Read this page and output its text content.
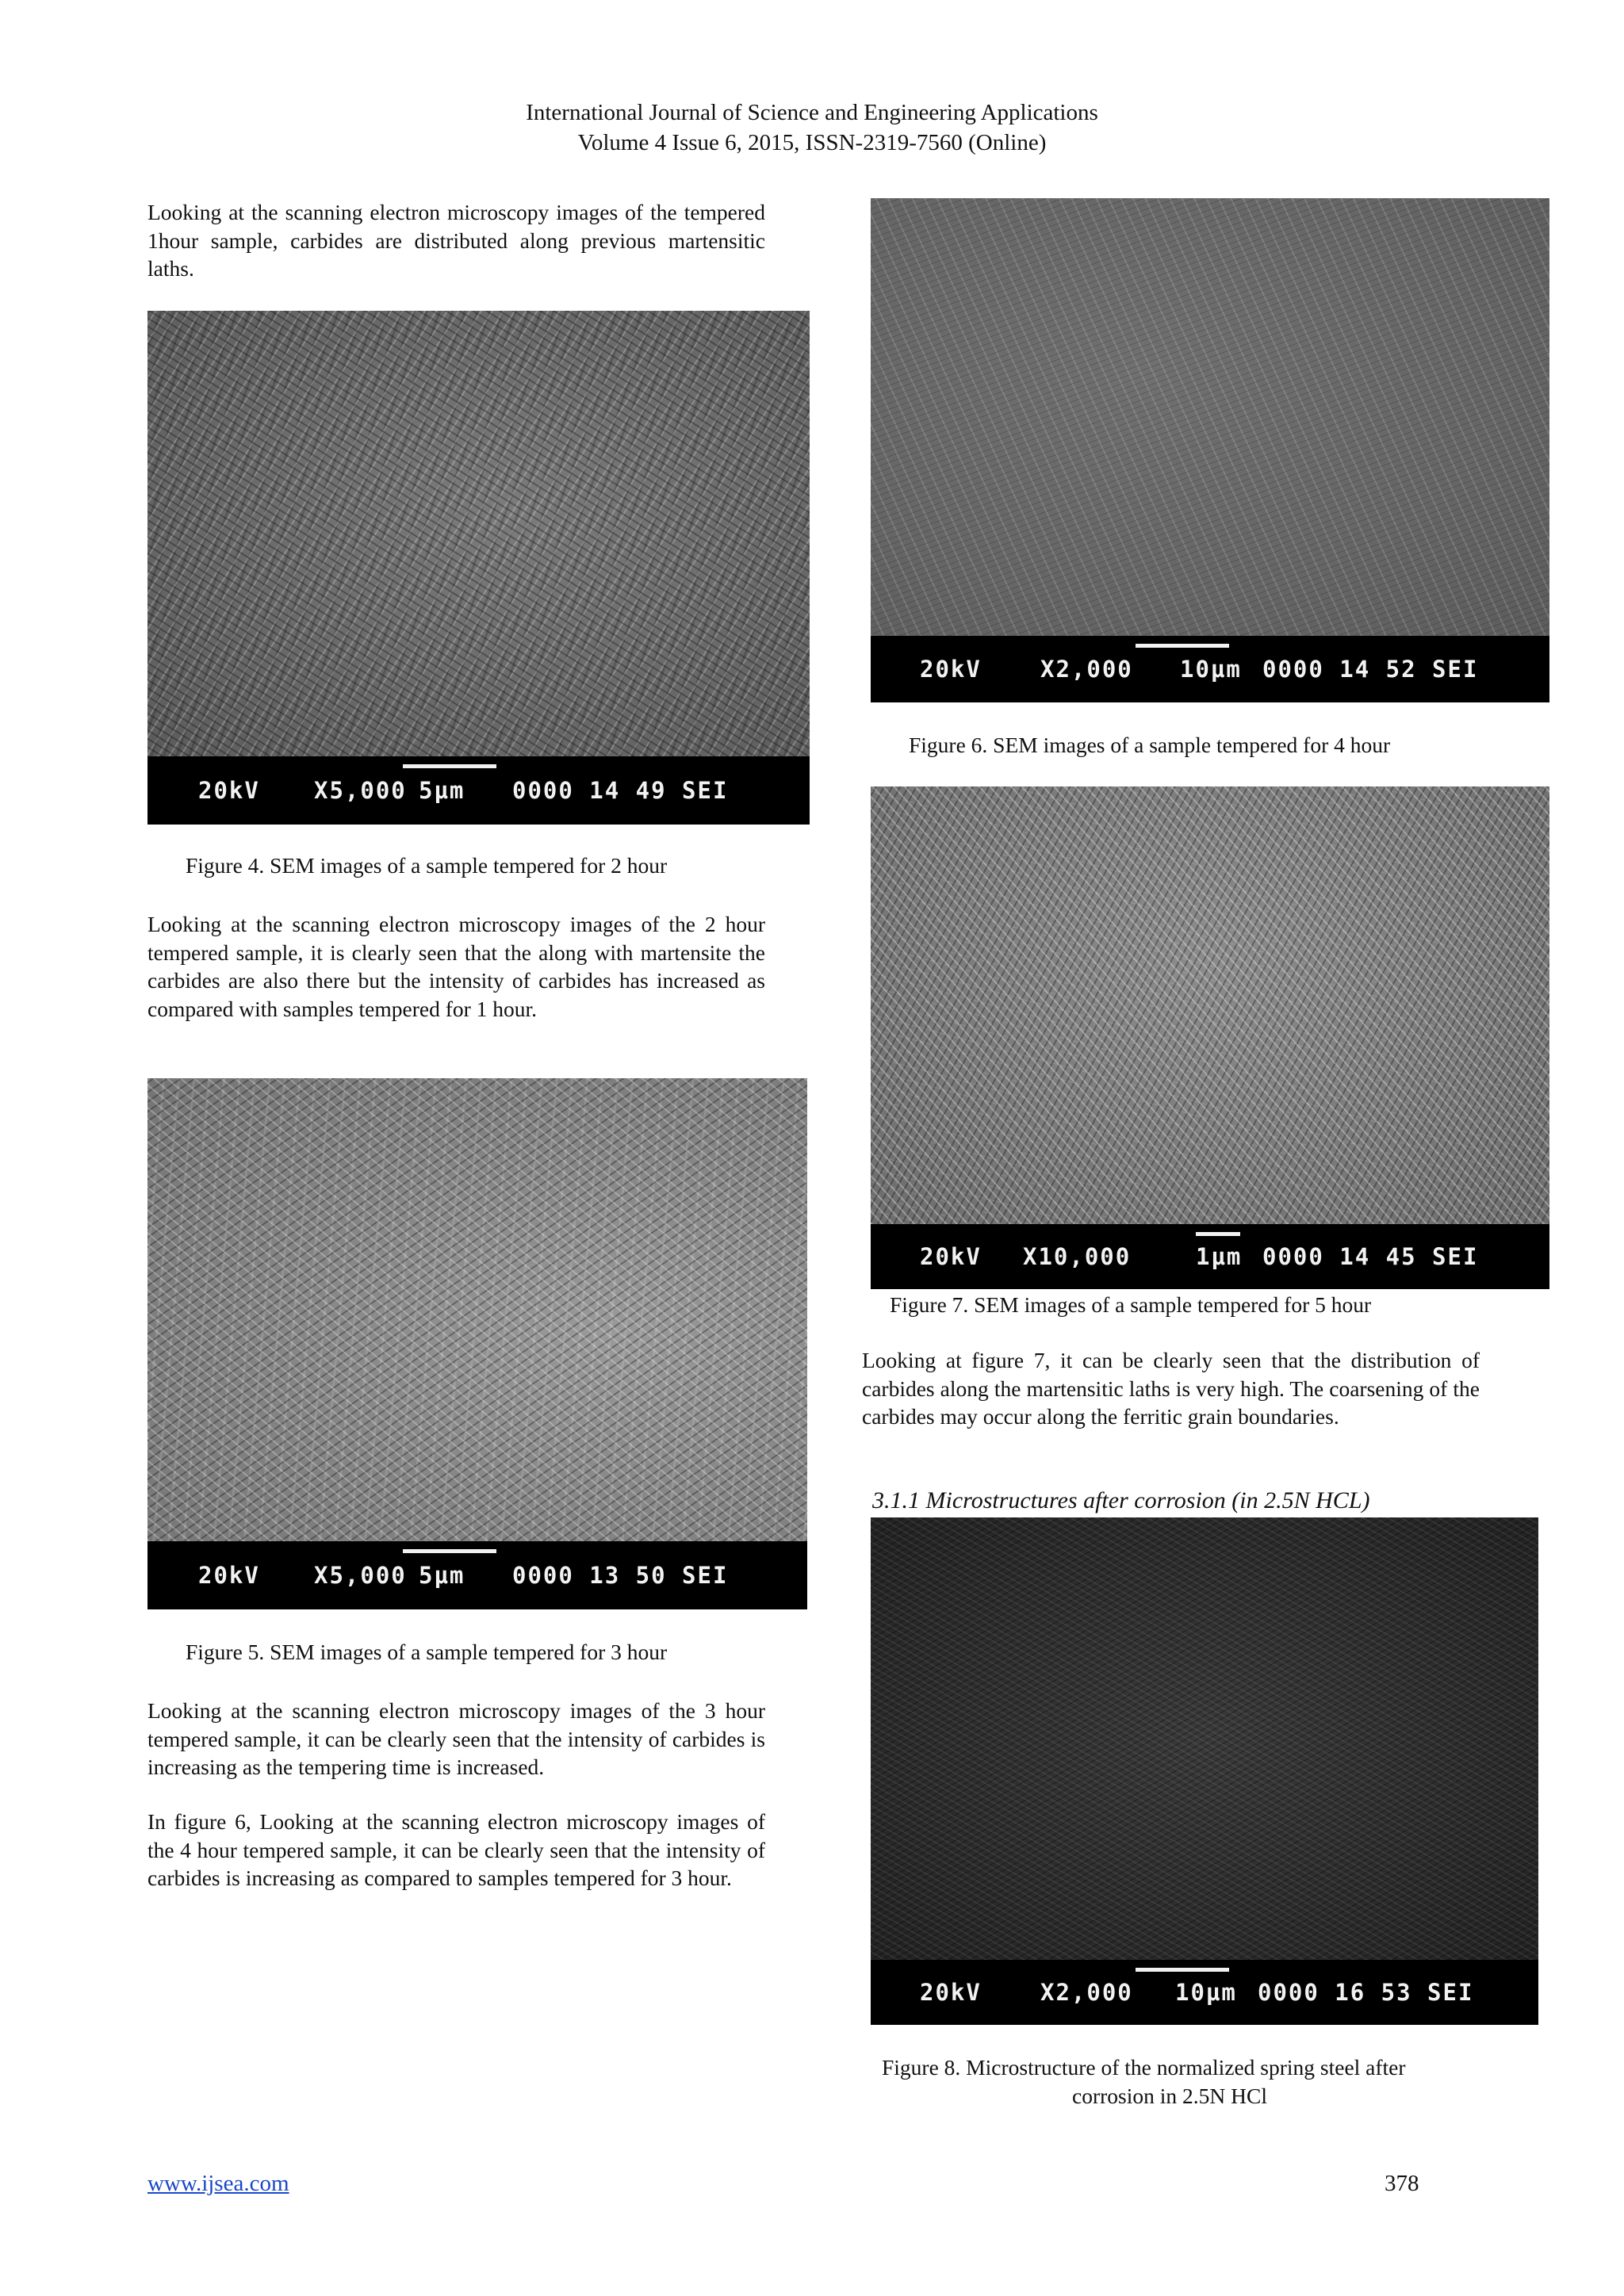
International Journal of Science and Engineering Applications
Volume 4 Issue 6, 2015, ISSN-2319-7560 (Online)

Looking at the scanning electron microscopy images of the tempered 1hour sample, carbides are distributed along previous martensitic laths.

20kV X5,000 5µm 0000 14 49 SEI
Figure 4. SEM images of a sample tempered for 2 hour

Looking at the scanning electron microscopy images of the 2 hour tempered sample, it is clearly seen that the along with martensite the carbides are also there but the intensity of carbides has increased as compared with samples tempered for 1 hour.

20kV X5,000 5µm 0000 13 50 SEI
Figure 5. SEM images of a sample tempered for 3 hour

Looking at the scanning electron microscopy images of the 3 hour tempered sample, it can be clearly seen that the intensity of carbides is increasing as the tempering time is increased.

In figure 6, Looking at the scanning electron microscopy images of the 4 hour tempered sample, it can be clearly seen that the intensity of carbides is increasing as compared to samples tempered for 3 hour.

20kV	X2,000 10µm 0000 14 52 SEI
Figure 6. SEM images of a sample tempered for 4 hour
20kV X10,000	1µm 0000 14 45 SEI
Figure 7. SEM images of a sample tempered for 5 hour

Looking at figure 7, it can be clearly seen that the distribution of carbides along the martensitic laths is very high. The coarsening of the carbides may occur along the ferritic grain boundaries.

3.1.1 Microstructures after corrosion (in 2.5N HCL)
20kV	X2,000 10µm 0000 16 53 SEI
Figure 8. Microstructure of the normalized spring steel after
corrosion in 2.5N HCl
www.ijsea.com	378
